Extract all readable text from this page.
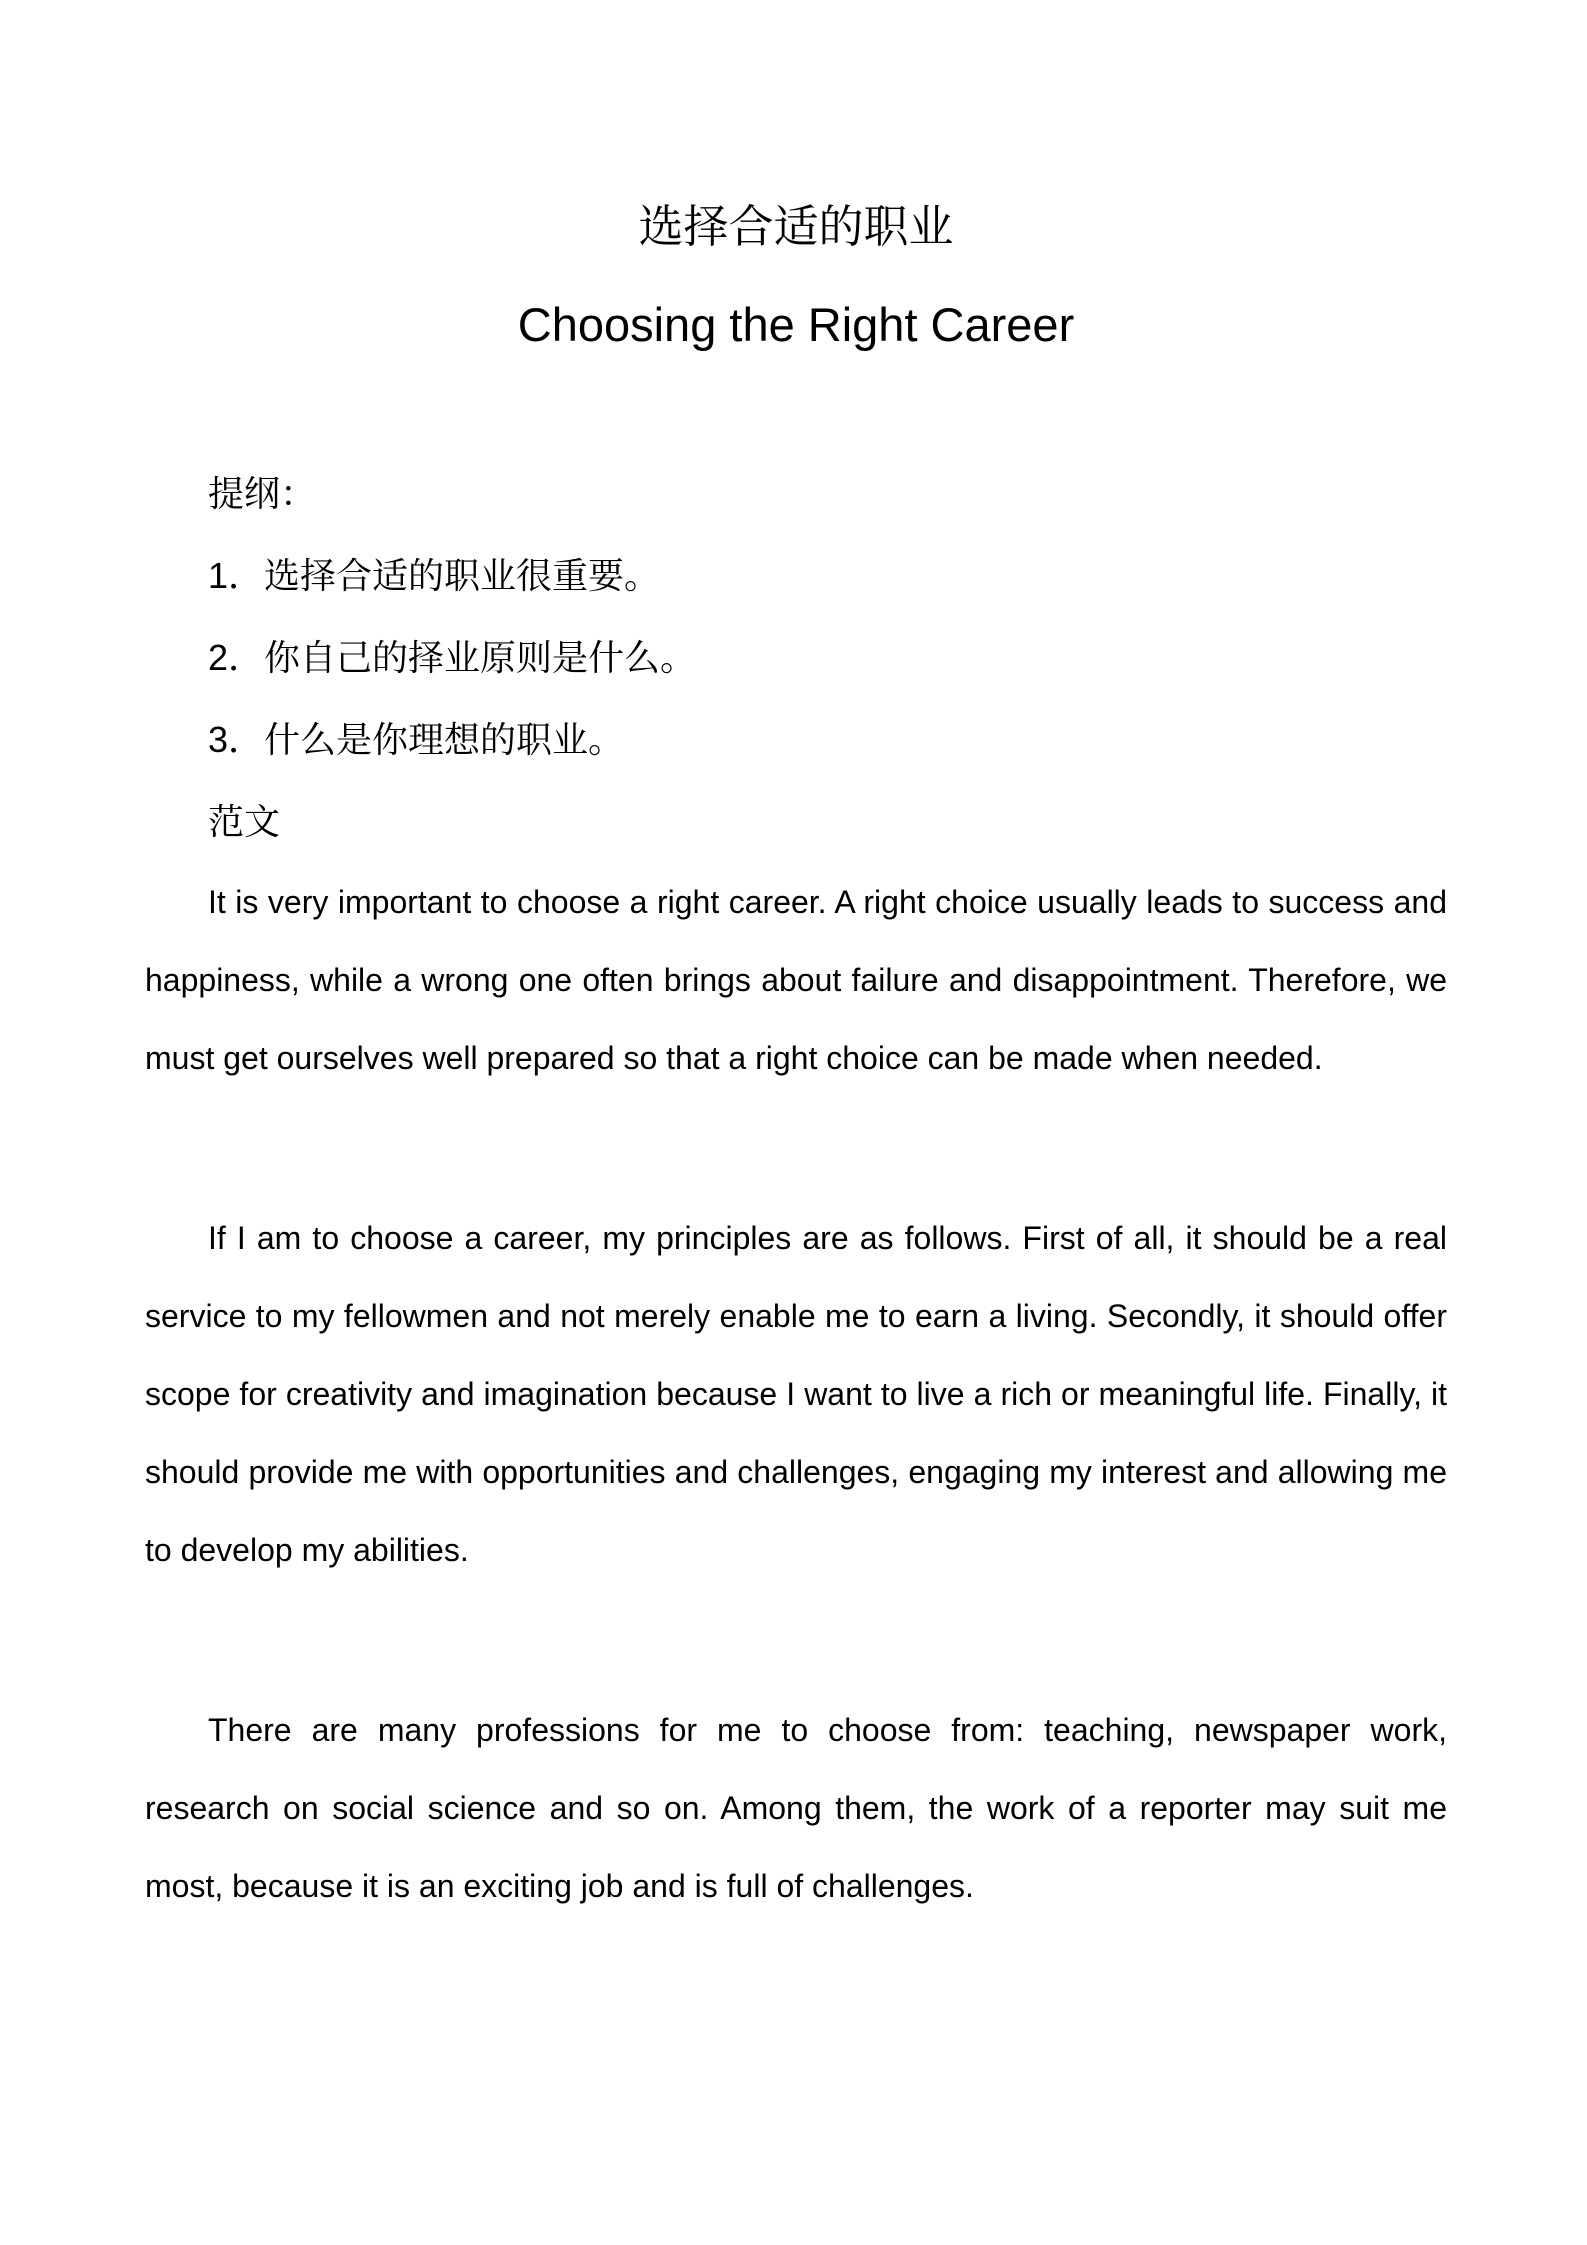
选择合适的职业
Choosing the Right Career

提纲：

1．选择合适的职业很重要。

2．你自己的择业原则是什么。

3．什么是你理想的职业。

范文

It is very important to choose a right career. A right choice usually leads to success and happiness, while a wrong one often brings about failure and disappointment. Therefore, we must get ourselves well prepared so that a right choice can be made when needed.

If I am to choose a career, my principles are as follows. First of all, it should be a real service to my fellowmen and not merely enable me to earn a living. Secondly, it should offer scope for creativity and imagination because I want to live a rich or meaningful life. Finally, it should provide me with opportunities and challenges, engaging my interest and allowing me to develop my abilities.

There are many professions for me to choose from: teaching, newspaper work, research on social science and so on. Among them, the work of a reporter may suit me most, because it is an exciting job and is full of challenges.
